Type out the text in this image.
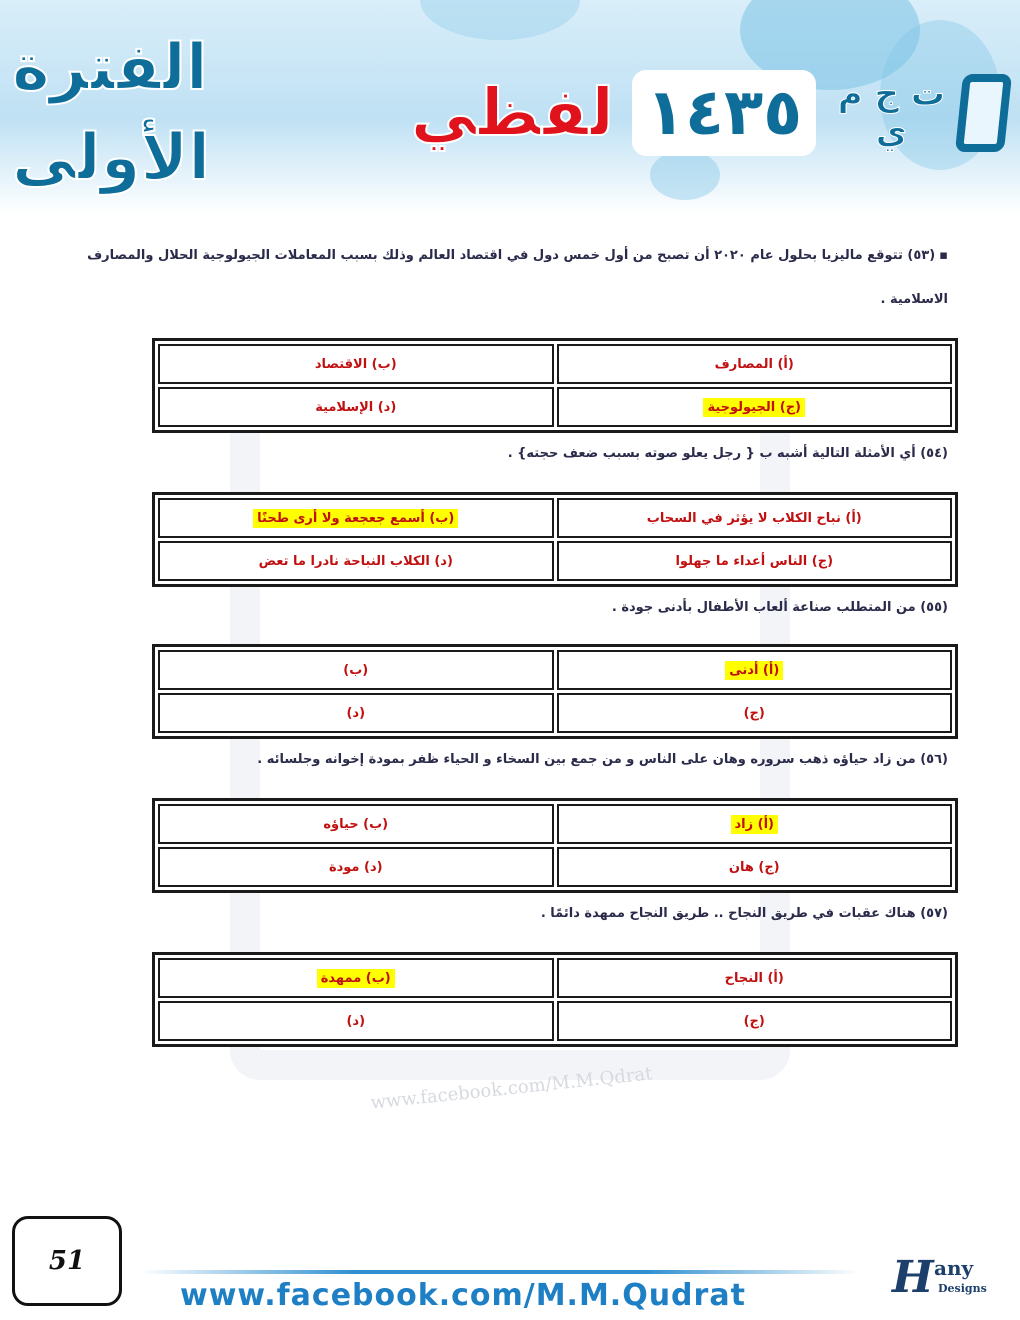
ت ج م ي
١٤٣٥
لفظي
الفترة الأولى
www.facebook.com/M.M.Qdrat
▪(٥٣) تتوقع ماليزيا بحلول عام ٢٠٢٠ أن تصبح من أول خمس دول في اقتصاد العالم وذلك بسبب المعاملات الجيولوجية الحلال والمصارف
الاسلامية .
(أ) المصارف	(ب) الاقتصاد
(ج) الجيولوجية	(د) الإسلامية
(٥٤) أي الأمثلة التالية أشبه ب { رجل يعلو صوته بسبب ضعف حجته} .
(أ) نباح الكلاب لا يؤثر في السحاب	(ب) أسمع جعجعة ولا أرى طحنًا
(ج) الناس أعداء ما جهلوا	(د) الكلاب النباحة نادرا ما تعض
(٥٥) من المتطلب صناعة ألعاب الأطفال بأدنى جودة .
(أ) أدنى	(ب)
(ج)	(د)
(٥٦) من زاد حياؤه ذهب سروره وهان على الناس و من جمع بين السخاء و الحياء ظفر بمودة إخوانه وجلسائه .
(أ) زاد	(ب) حياؤه
(ج) هان	(د) مودة
(٥٧) هناك عقبات في طريق النجاح .. طريق النجاح ممهدة دائمًا .
(أ) النجاح	(ب) ممهدة
(ج)	(د)
51
www.facebook.com/M.M.Qudrat	H any
Designs
